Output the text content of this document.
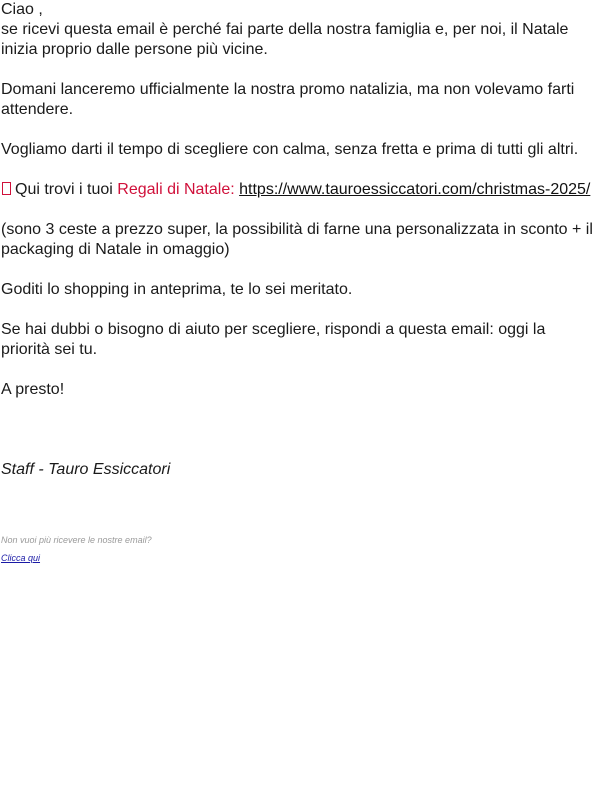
Ciao ,

se ricevi questa email è perché fai parte della nostra famiglia e, per noi, il Natale inizia proprio dalle persone più vicine.

Domani lanceremo ufficialmente la nostra promo natalizia, ma non volevamo farti attendere.

Vogliamo darti il tempo di scegliere con calma, senza fretta e prima di tutti gli altri.

Qui trovi i tuoi Regali di Natale: https://www.tauroessiccatori.com/christmas-2025/

(sono 3 ceste a prezzo super, la possibilità di farne una personalizzata in sconto + il packaging di Natale in omaggio)

Goditi lo shopping in anteprima, te lo sei meritato.

Se hai dubbi o bisogno di aiuto per scegliere, rispondi a questa email: oggi la priorità sei tu.

A presto!

Staff - Tauro Essiccatori

Non vuoi più ricevere le nostre email?

Clicca qui
